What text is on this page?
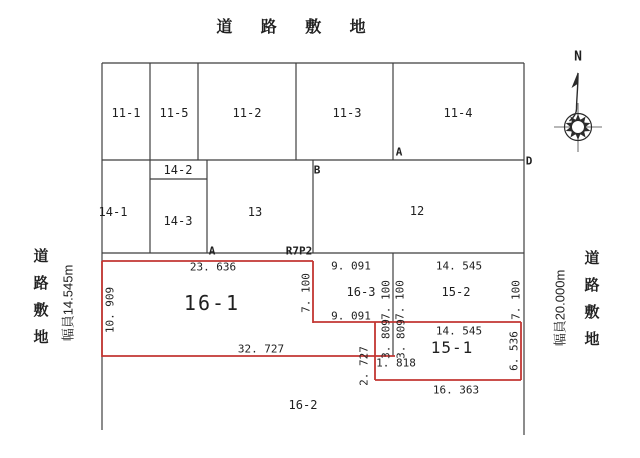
道 路 敷 地
道路敷地 幅員14.545m	道路敷地
幅員20.000m
N
11-1 11-5	11-2	11-3	11-4
14-1
14-2
14-3
13	12
16-1	16-3	15-2
15-1
16-2
A
B
D
A	R7P2
23. 636
10. 909	7. 100
32. 727
9. 091
7. 100
9. 091
14. 545
7. 100	7. 100
14. 545
3. 809 3. 809
1. 818
2. 727	6. 536
16. 363
